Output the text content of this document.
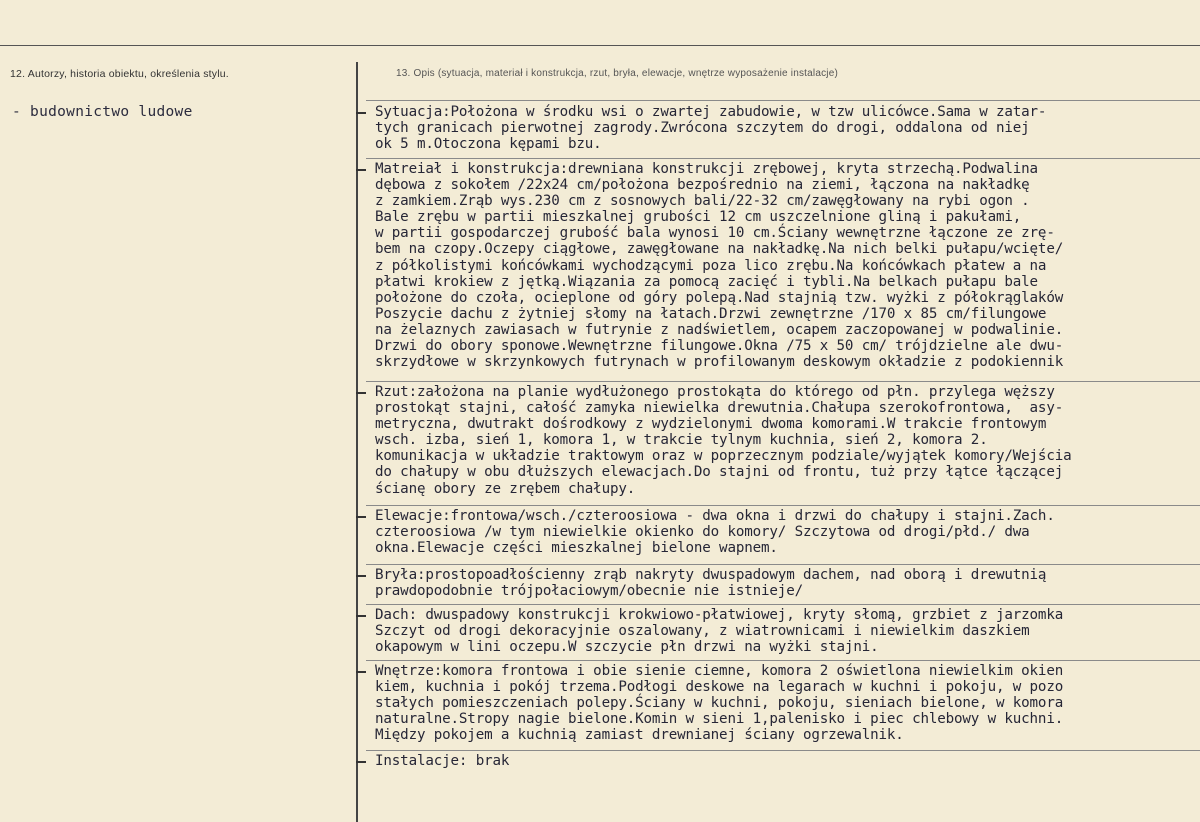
12. Autorzy, historia obiektu, określenia stylu.	13. Opis (sytuacja, materiał i konstrukcja, rzut, bryła, elewacje, wnętrze wyposażenie instalacje)
- budownictwo ludowe	Sytuacja:Położona w środku wsi o zwartej zabudowie, w tzw ulicówce.Sama w zatar-
tych granicach pierwotnej zagrody.Zwrócona szczytem do drogi, oddalona od niej
ok 5 m.Otoczona kępami bzu.
Matreiał i konstrukcja:drewniana konstrukcji zrębowej, kryta strzechą.Podwalina
dębowa z sokołem /22x24 cm/położona bezpośrednio na ziemi, łączona na nakładkę
z zamkiem.Zrąb wys.230 cm z sosnowych bali/22-32 cm/zawęgłowany na rybi ogon .
Bale zrębu w partii mieszkalnej grubości 12 cm uszczelnione gliną i pakułami,
w partii gospodarczej grubość bala wynosi 10 cm.Ściany wewnętrzne łączone ze zrę-
bem na czopy.Oczepy ciągłowe, zawęgłowane na nakładkę.Na nich belki pułapu/wcięte/
z półkolistymi końcówkami wychodzącymi poza lico zrębu.Na końcówkach płatew a na
płatwi krokiew z jętką.Wiązania za pomocą zacięć i tybli.Na belkach pułapu bale
położone do czoła, ocieplone od góry polepą.Nad stajnią tzw. wyżki z półokrąglaków
Poszycie dachu z żytniej słomy na łatach.Drzwi zewnętrzne /170 x 85 cm/filungowe
na żelaznych zawiasach w futrynie z nadświetlem, ocapem zaczopowanej w podwalinie.
Drzwi do obory sponowe.Wewnętrzne filungowe.Okna /75 x 50 cm/ trójdzielne ale dwu-
skrzydłowe w skrzynkowych futrynach w profilowanym deskowym okładzie z podokiennik
Rzut:założona na planie wydłużonego prostokąta do którego od płn. przylega węższy
prostokąt stajni, całość zamyka niewielka drewutnia.Chałupa szerokofrontowa,  asy-
metryczna, dwutrakt dośrodkowy z wydzielonymi dwoma komorami.W trakcie frontowym
wsch. izba, sień 1, komora 1, w trakcie tylnym kuchnia, sień 2, komora 2.
komunikacja w układzie traktowym oraz w poprzecznym podziale/wyjątek komory/Wejścia
do chałupy w obu dłuższych elewacjach.Do stajni od frontu, tuż przy łątce łączącej
ścianę obory ze zrębem chałupy.
Elewacje:frontowa/wsch./czteroosiowa - dwa okna i drzwi do chałupy i stajni.Zach.
czteroosiowa /w tym niewielkie okienko do komory/ Szczytowa od drogi/płd./ dwa
okna.Elewacje części mieszkalnej bielone wapnem.
Bryła:prostopoadłościenny zrąb nakryty dwuspadowym dachem, nad oborą i drewutnią
prawdopodobnie trójpołaciowym/obecnie nie istnieje/
Dach: dwuspadowy konstrukcji krokwiowo-płatwiowej, kryty słomą, grzbiet z jarzomka
Szczyt od drogi dekoracyjnie oszalowany, z wiatrownicami i niewielkim daszkiem
okapowym w lini oczepu.W szczycie płn drzwi na wyżki stajni.
Wnętrze:komora frontowa i obie sienie ciemne, komora 2 oświetlona niewielkim okien
kiem, kuchnia i pokój trzema.Podłogi deskowe na legarach w kuchni i pokoju, w pozo
stałych pomieszczeniach polepy.Ściany w kuchni, pokoju, sieniach bielone, w komora
naturalne.Stropy nagie bielone.Komin w sieni 1,palenisko i piec chlebowy w kuchni.
Między pokojem a kuchnią zamiast drewnianej ściany ogrzewalnik.
Instalacje: brak
